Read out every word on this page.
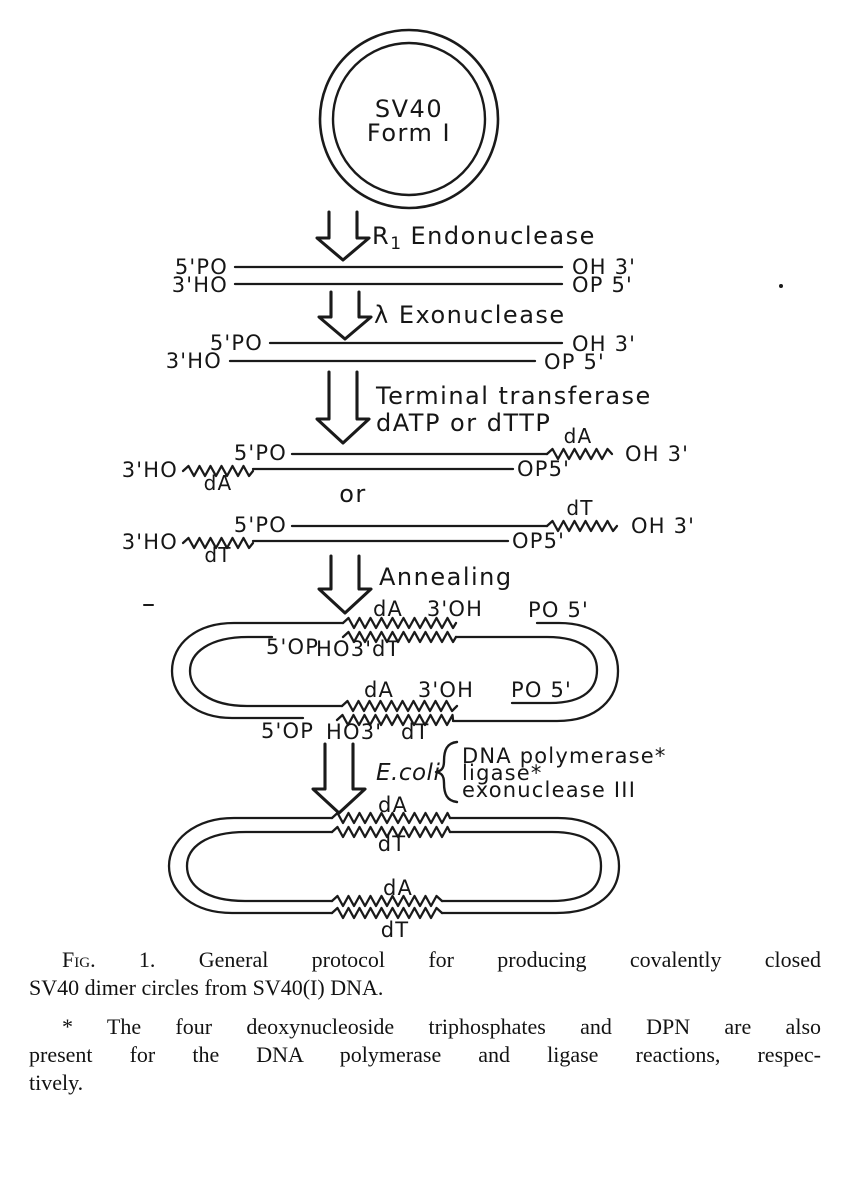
SV40
Form I
$R_1$ Endonuclease
5'PO	OH 3'
3'HO	OP 5'
λ Exonuclease
5'PO	OH 3'
3'HO	OP 5'
Terminal transferase
dATP or dTTP
5'PO
dA
OH 3'
3'HO
dA
OP5'
or
5'PO
dT
OH 3'
3'HO
dT
OP5'
Annealing
dA 3'OH PO 5'
5'OP
HO3' dT
dA 3'OH PO 5'
5'OP HO3' dT
E.coli
DNA polymerase*
ligase*
exonuclease III
dA
dT
dA
dT
Fig. 1. General protocol for producing covalently closed
SV40 dimer circles from SV40(I) DNA.
* The four deoxynucleoside triphosphates and DPN are also
present for the DNA polymerase and ligase reactions, respec-
tively.
